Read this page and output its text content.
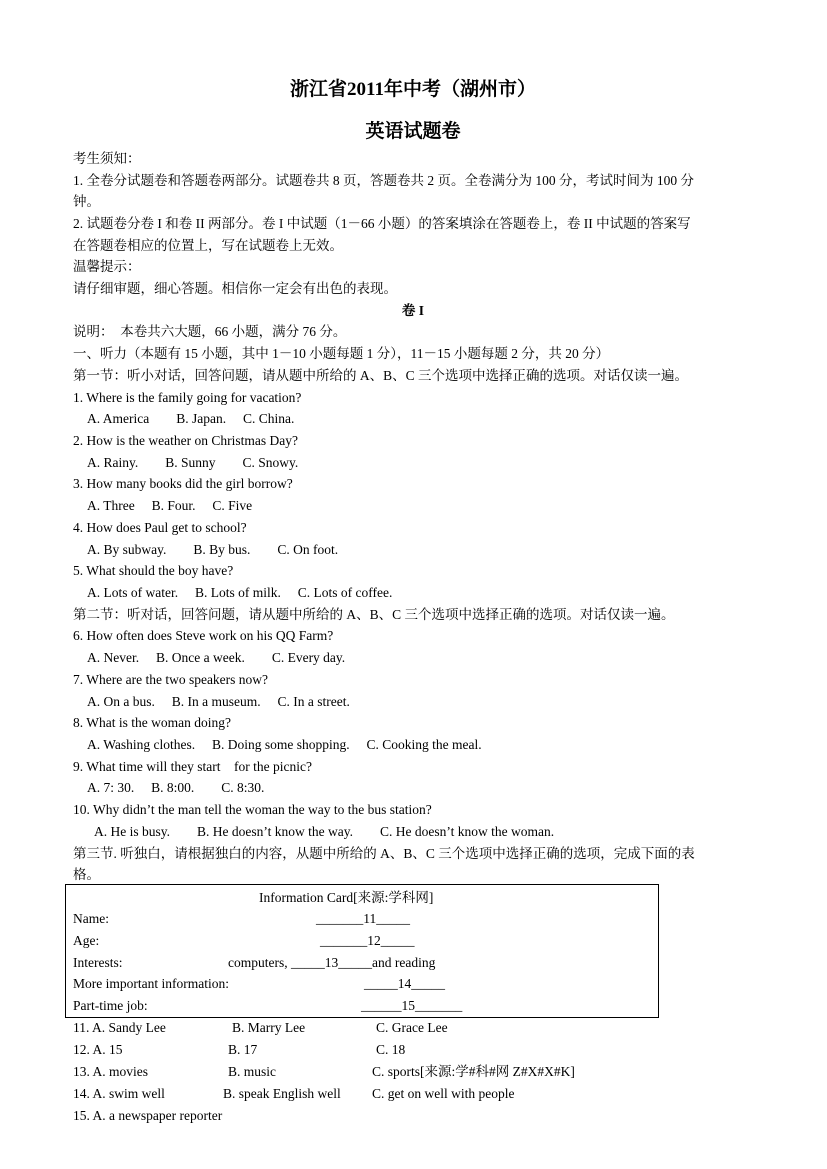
浙江省2011年中考（湖州市）
英语试题卷
考生须知：
1. 全卷分试题卷和答题卷两部分。试题卷共 8 页，答题卷共 2 页。全卷满分为 100 分，考试时间为 100 分
钟。
2. 试题卷分卷 I 和卷 II 两部分。卷 I 中试题（1－66 小题）的答案填涂在答题卷上，卷 II 中试题的答案写
在答题卷相应的位置上，写在试题卷上无效。
温馨提示：
请仔细审题，细心答题。相信你一定会有出色的表现。
卷 I
说明：　本卷共六大题，66 小题，满分 76 分。
一、听力（本题有 15 小题，其中 1－10 小题每题 1 分），11－15 小题每题 2 分，共 20 分）
第一节：听小对话，回答问题，请从题中所给的 A、B、C 三个选项中选择正确的选项。对话仅读一遍。
1. Where is the family going for vacation?
A. America　　B. Japan.　 C. China.
2. How is the weather on Christmas Day?
A. Rainy.　　B. Sunny　　C. Snowy.
3. How many books did the girl borrow?
A. Three　 B. Four.　 C. Five
4. How does Paul get to school?
A. By subway.　　B. By bus.　　C. On foot.
5. What should the boy have?
A. Lots of water.　 B. Lots of milk.　 C. Lots of coffee.
第二节：听对话，回答问题，请从题中所给的 A、B、C 三个选项中选择正确的选项。对话仅读一遍。
6. How often does Steve work on his QQ Farm?
A. Never.　 B. Once a week.　　C. Every day.
7. Where are the two speakers now?
A. On a bus.　 B. In a museum.　 C. In a street.
8. What is the woman doing?
A. Washing clothes.　 B. Doing some shopping.　 C. Cooking the meal.
9. What time will they start　for the picnic?
A. 7: 30.　 B. 8:00.　　C. 8:30.
10. Why didn’t the man tell the woman the way to the bus station?
A. He is busy.　　B. He doesn’t know the way.　　C. He doesn’t know the woman.
第三节. 听独白，请根据独白的内容，从题中所给的 A、B、C 三个选项中选择正确的选项，完成下面的表
格。
Information Card[来源:学科网]
Name:	_______11_____
Age:	_______12_____
Interests:	computers, _____13_____and reading
More important information:	_____14_____
Part-time job:	______15_______
11. A. Sandy Lee	B. Marry Lee	C. Grace Lee
12. A. 15	B. 17	C. 18
13. A. movies	B. music	C. sports[来源:学#科#网 Z#X#X#K]
14. A. swim well	B. speak English well C. get on well with people
15. A. a newspaper reporter
